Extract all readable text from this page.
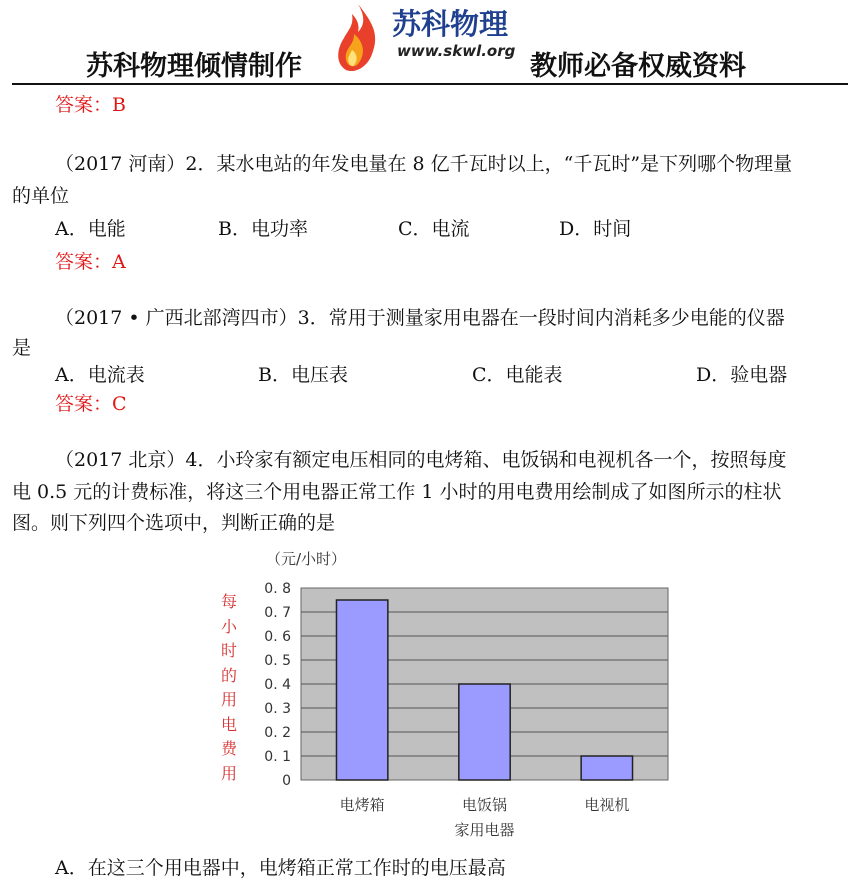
苏科物理倾情制作
苏科物理
www.skwl.org 教师必备权威资料
答案：B
（2017 河南）2．某水电站的年发电量在 8 亿千瓦时以上，“千瓦时”是下列哪个物理量
的单位
A．电能	B．电功率	C．电流	D．时间
答案：A
（2017 • 广西北部湾四市）3．常用于测量家用电器在一段时间内消耗多少电能的仪器
是
A．电流表	B．电压表	C．电能表	D．验电器
答案：C
（2017 北京）4．小玲家有额定电压相同的电烤箱、电饭锅和电视机各一个，按照每度
电 0.5 元的计费标准，将这三个用电器正常工作 1 小时的用电费用绘制成了如图所示的柱状
图。则下列四个选项中，判断正确的是
（元/小时）
每小时的用电费用	0
0. 1
0. 2
0. 3
0. 4
0. 5
0. 6
0. 7
0. 8
电烤箱	电饭锅	电视机
家用电器
A．在这三个用电器中，电烤箱正常工作时的电压最高
